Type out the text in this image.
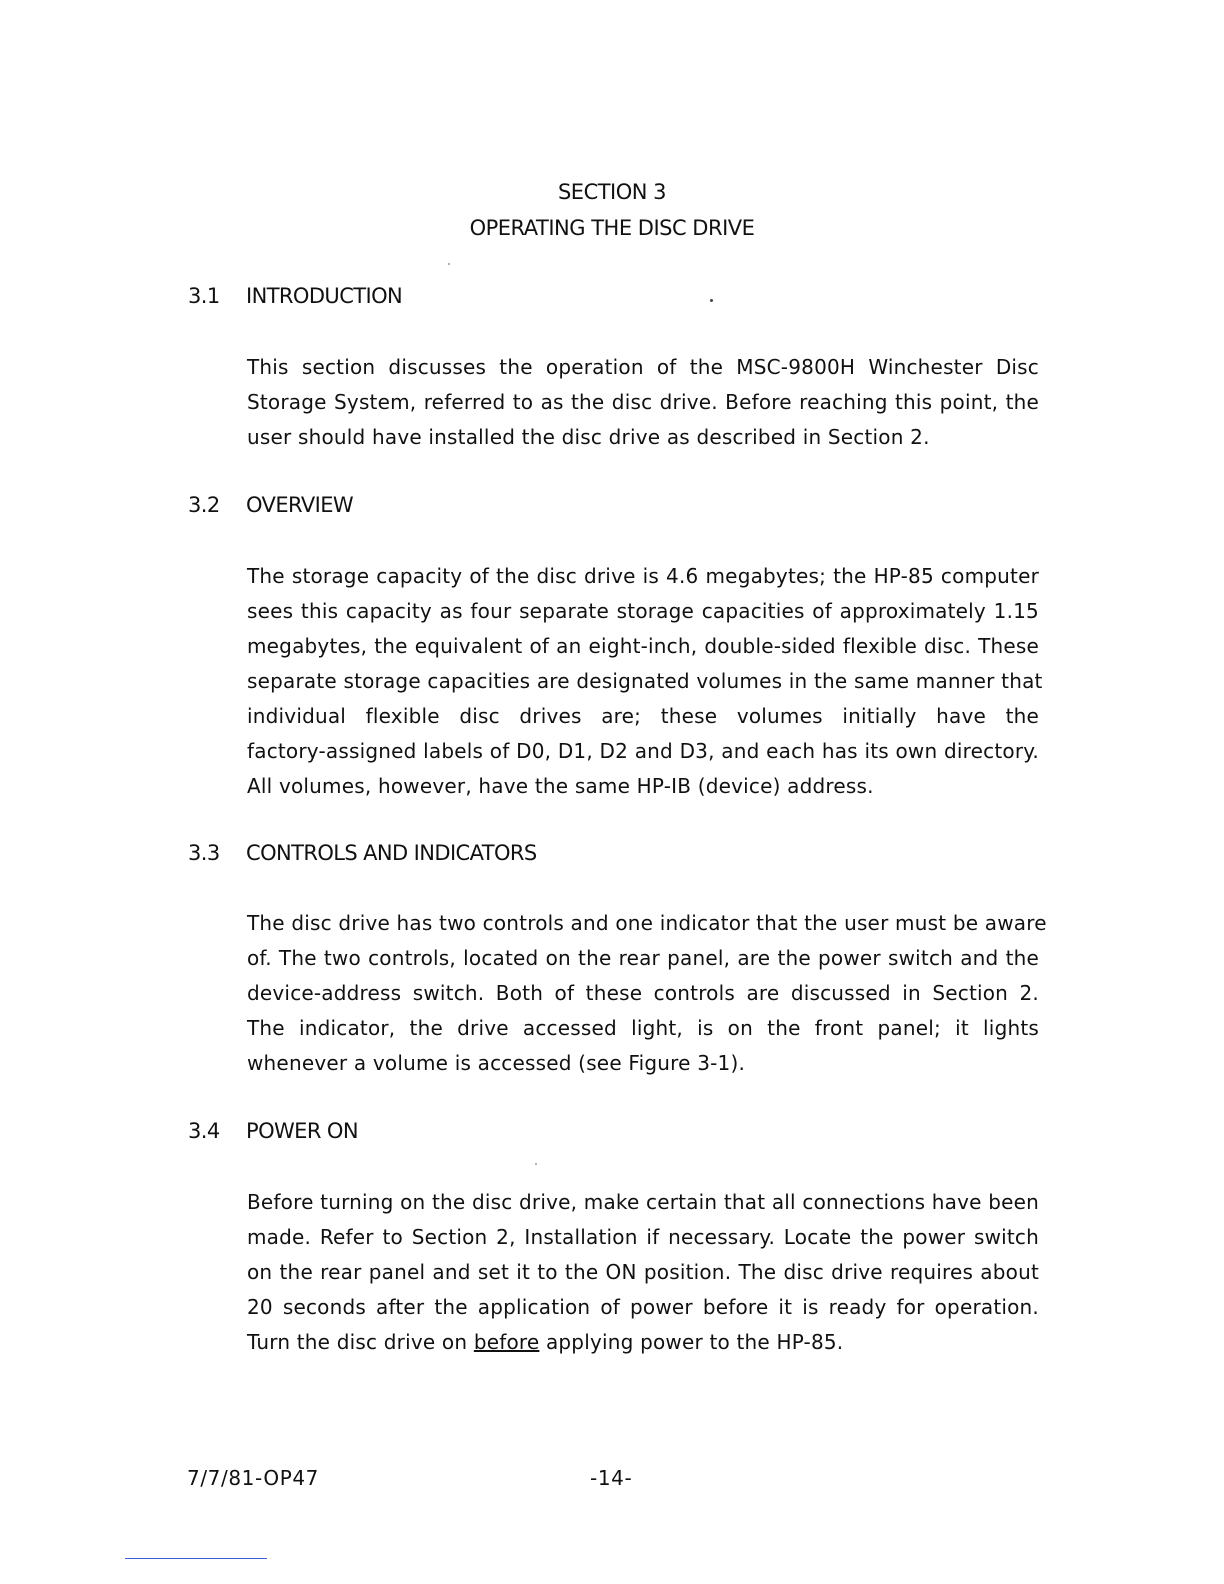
SECTION 3
OPERATING THE DISC DRIVE
3.1 INTRODUCTION
This section discusses the operation of the MSC-9800H Winchester Disc
Storage System, referred to as the disc drive. Before reaching this point, the
user should have installed the disc drive as described in Section 2.
3.2 OVERVIEW
The storage capacity of the disc drive is 4.6 megabytes; the HP-85 computer
sees this capacity as four separate storage capacities of approximately 1.15
megabytes, the equivalent of an eight-inch, double-sided flexible disc. These
separate storage capacities are designated volumes in the same manner that
individual flexible disc drives are; these volumes initially have the
factory-assigned labels of D0, D1, D2 and D3, and each has its own directory.
All volumes, however, have the same HP-IB (device) address.
3.3 CONTROLS AND INDICATORS
The disc drive has two controls and one indicator that the user must be aware
of. The two controls, located on the rear panel, are the power switch and the
device-address switch. Both of these controls are discussed in Section 2.
The indicator, the drive accessed light, is on the front panel; it lights
whenever a volume is accessed (see Figure 3-1).
3.4 POWER ON
Before turning on the disc drive, make certain that all connections have been
made. Refer to Section 2, Installation if necessary. Locate the power switch
on the rear panel and set it to the ON position. The disc drive requires about
20 seconds after the application of power before it is ready for operation.
Turn the disc drive on before applying power to the HP-85.
7/7/81-OP47	-14-
